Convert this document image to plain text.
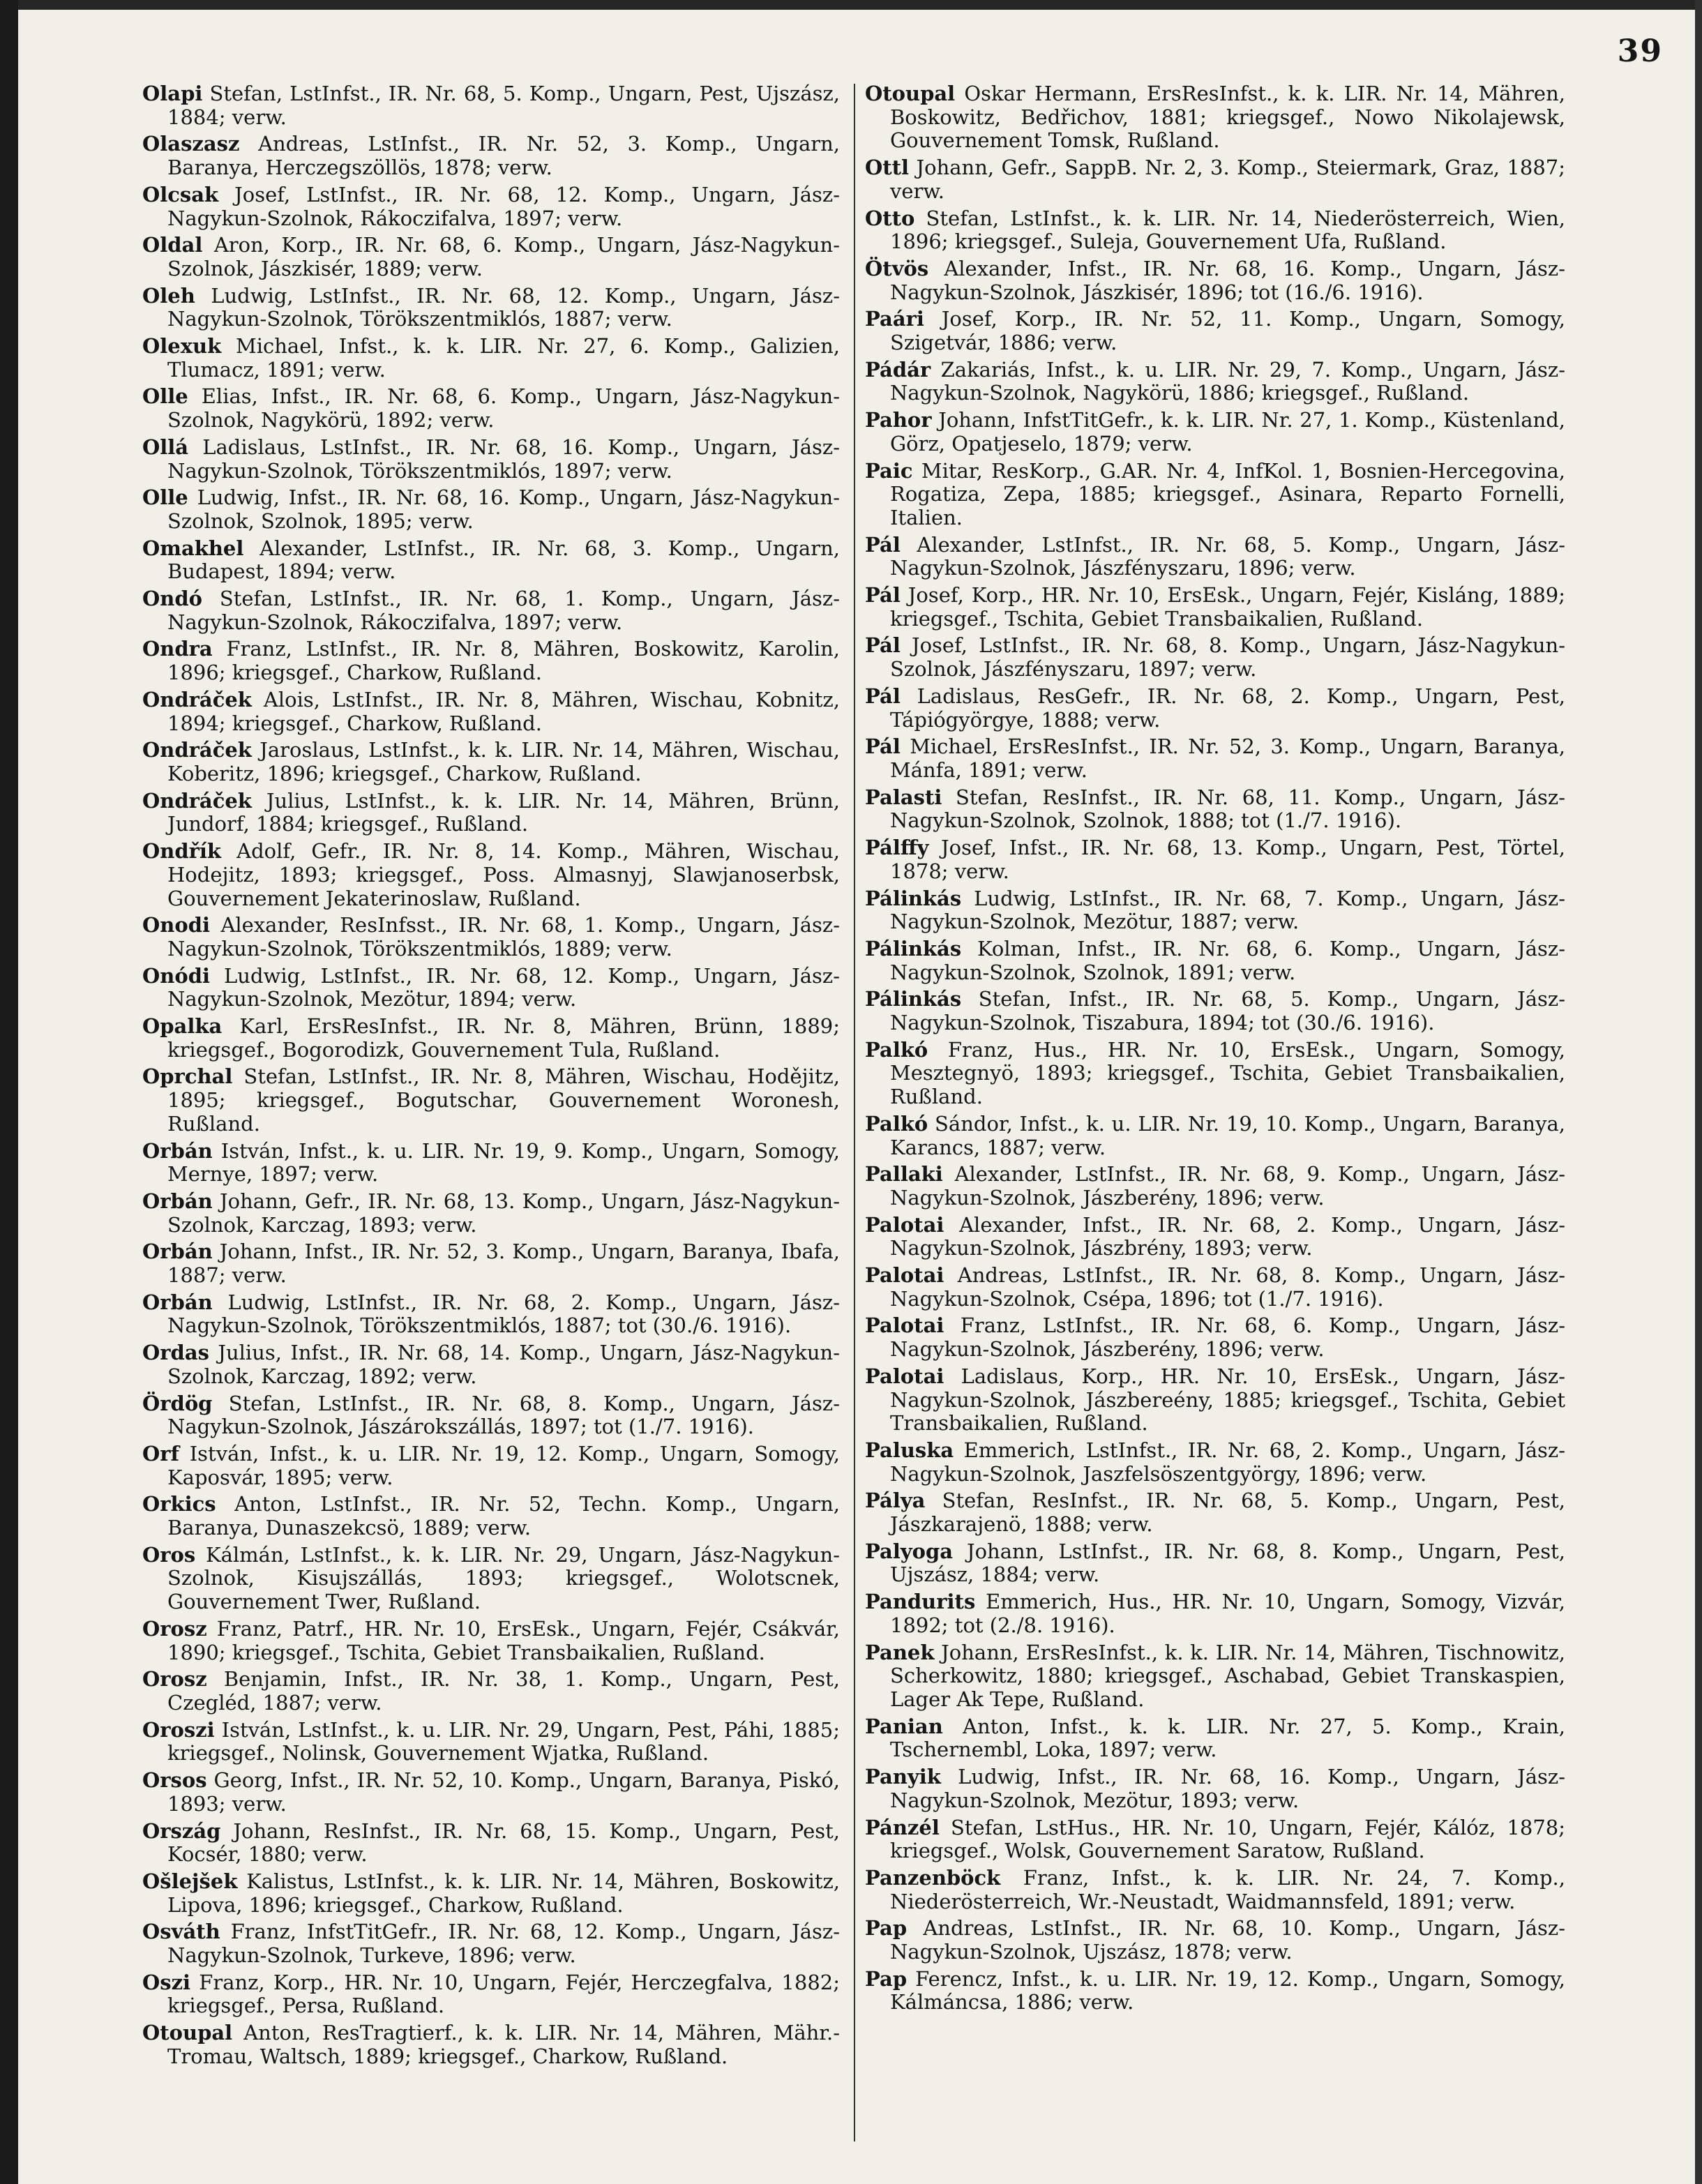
39

Olapi Stefan, LstInfst., IR. Nr. 68, 5. Komp., Ungarn, Pest, Ujszász, 1884; verw.

Olaszasz Andreas, LstInfst., IR. Nr. 52, 3. Komp., Ungarn, Baranya, Herczegszöllös, 1878; verw.

Olcsak Josef, LstInfst., IR. Nr. 68, 12. Komp., Ungarn, Jász-Nagykun-Szolnok, Rákoczifalva, 1897; verw.

Oldal Aron, Korp., IR. Nr. 68, 6. Komp., Ungarn, Jász-Nagykun-Szolnok, Jászkisér, 1889; verw.

Oleh Ludwig, LstInfst., IR. Nr. 68, 12. Komp., Ungarn, Jász-Nagykun-Szolnok, Törökszentmiklós, 1887; verw.

Olexuk Michael, Infst., k. k. LIR. Nr. 27, 6. Komp., Galizien, Tlumacz, 1891; verw.

Olle Elias, Infst., IR. Nr. 68, 6. Komp., Ungarn, Jász-Nagykun-Szolnok, Nagykörü, 1892; verw.

Ollá Ladislaus, LstInfst., IR. Nr. 68, 16. Komp., Ungarn, Jász-Nagykun-Szolnok, Törökszentmiklós, 1897; verw.

Olle Ludwig, Infst., IR. Nr. 68, 16. Komp., Ungarn, Jász-Nagykun-Szolnok, Szolnok, 1895; verw.

Omakhel Alexander, LstInfst., IR. Nr. 68, 3. Komp., Ungarn, Budapest, 1894; verw.

Ondó Stefan, LstInfst., IR. Nr. 68, 1. Komp., Ungarn, Jász-Nagykun-Szolnok, Rákoczifalva, 1897; verw.

Ondra Franz, LstInfst., IR. Nr. 8, Mähren, Boskowitz, Karolin, 1896; kriegsgef., Charkow, Rußland.

Ondráček Alois, LstInfst., IR. Nr. 8, Mähren, Wischau, Kobnitz, 1894; kriegsgef., Charkow, Rußland.

Ondráček Jaroslaus, LstInfst., k. k. LIR. Nr. 14, Mähren, Wischau, Koberitz, 1896; kriegsgef., Charkow, Rußland.

Ondráček Julius, LstInfst., k. k. LIR. Nr. 14, Mähren, Brünn, Jundorf, 1884; kriegsgef., Rußland.

Ondřík Adolf, Gefr., IR. Nr. 8, 14. Komp., Mähren, Wischau, Hodejitz, 1893; kriegsgef., Poss. Almasnyj, Slawjanoserbsk, Gouvernement Jekaterinoslaw, Rußland.

Onodi Alexander, ResInfsst., IR. Nr. 68, 1. Komp., Ungarn, Jász-Nagykun-Szolnok, Törökszentmiklós, 1889; verw.

Onódi Ludwig, LstInfst., IR. Nr. 68, 12. Komp., Ungarn, Jász-Nagykun-Szolnok, Mezötur, 1894; verw.

Opalka Karl, ErsResInfst., IR. Nr. 8, Mähren, Brünn, 1889; kriegsgef., Bogorodizk, Gouvernement Tula, Rußland.

Oprchal Stefan, LstInfst., IR. Nr. 8, Mähren, Wischau, Hodějitz, 1895; kriegsgef., Bogutschar, Gouvernement Woronesh, Rußland.

Orbán István, Infst., k. u. LIR. Nr. 19, 9. Komp., Ungarn, Somogy, Mernye, 1897; verw.

Orbán Johann, Gefr., IR. Nr. 68, 13. Komp., Ungarn, Jász-Nagykun-Szolnok, Karczag, 1893; verw.

Orbán Johann, Infst., IR. Nr. 52, 3. Komp., Ungarn, Baranya, Ibafa, 1887; verw.

Orbán Ludwig, LstInfst., IR. Nr. 68, 2. Komp., Ungarn, Jász-Nagykun-Szolnok, Törökszentmiklós, 1887; tot (30./6. 1916).

Ordas Julius, Infst., IR. Nr. 68, 14. Komp., Ungarn, Jász-Nagykun-Szolnok, Karczag, 1892; verw.

Ördög Stefan, LstInfst., IR. Nr. 68, 8. Komp., Ungarn, Jász-Nagykun-Szolnok, Jászárokszállás, 1897; tot (1./7. 1916).

Orf István, Infst., k. u. LIR. Nr. 19, 12. Komp., Ungarn, Somogy, Kaposvár, 1895; verw.

Orkics Anton, LstInfst., IR. Nr. 52, Techn. Komp., Ungarn, Baranya, Dunaszekcsö, 1889; verw.

Oros Kálmán, LstInfst., k. k. LIR. Nr. 29, Ungarn, Jász-Nagykun-Szolnok, Kisujszállás, 1893; kriegsgef., Wolotscnek, Gouvernement Twer, Rußland.

Orosz Franz, Patrf., HR. Nr. 10, ErsEsk., Ungarn, Fejér, Csákvár, 1890; kriegsgef., Tschita, Gebiet Transbaikalien, Rußland.

Orosz Benjamin, Infst., IR. Nr. 38, 1. Komp., Ungarn, Pest, Czegléd, 1887; verw.

Oroszi István, LstInfst., k. u. LIR. Nr. 29, Ungarn, Pest, Páhi, 1885; kriegsgef., Nolinsk, Gouvernement Wjatka, Rußland.

Orsos Georg, Infst., IR. Nr. 52, 10. Komp., Ungarn, Baranya, Piskó, 1893; verw.

Ország Johann, ResInfst., IR. Nr. 68, 15. Komp., Ungarn, Pest, Kocsér, 1880; verw.

Ošlejšek Kalistus, LstInfst., k. k. LIR. Nr. 14, Mähren, Boskowitz, Lipova, 1896; kriegsgef., Charkow, Rußland.

Osváth Franz, InfstTitGefr., IR. Nr. 68, 12. Komp., Ungarn, Jász-Nagykun-Szolnok, Turkeve, 1896; verw.

Oszi Franz, Korp., HR. Nr. 10, Ungarn, Fejér, Herczegfalva, 1882; kriegsgef., Persa, Rußland.

Otoupal Anton, ResTragtierf., k. k. LIR. Nr. 14, Mähren, Mähr.-Tromau, Waltsch, 1889; kriegsgef., Charkow, Rußland.

Otoupal Oskar Hermann, ErsResInfst., k. k. LIR. Nr. 14, Mähren, Boskowitz, Bedřichov, 1881; kriegsgef., Nowo Nikolajewsk, Gouvernement Tomsk, Rußland.

Ottl Johann, Gefr., SappB. Nr. 2, 3. Komp., Steiermark, Graz, 1887; verw.

Otto Stefan, LstInfst., k. k. LIR. Nr. 14, Niederösterreich, Wien, 1896; kriegsgef., Suleja, Gouvernement Ufa, Rußland.

Ötvös Alexander, Infst., IR. Nr. 68, 16. Komp., Ungarn, Jász-Nagykun-Szolnok, Jászkisér, 1896; tot (16./6. 1916).

Paári Josef, Korp., IR. Nr. 52, 11. Komp., Ungarn, Somogy, Szigetvár, 1886; verw.

Pádár Zakariás, Infst., k. u. LIR. Nr. 29, 7. Komp., Ungarn, Jász-Nagykun-Szolnok, Nagykörü, 1886; kriegsgef., Rußland.

Pahor Johann, InfstTitGefr., k. k. LIR. Nr. 27, 1. Komp., Küstenland, Görz, Opatjeselo, 1879; verw.

Paic Mitar, ResKorp., G.AR. Nr. 4, InfKol. 1, Bosnien-Hercegovina, Rogatiza, Zepa, 1885; kriegsgef., Asinara, Reparto Fornelli, Italien.

Pál Alexander, LstInfst., IR. Nr. 68, 5. Komp., Ungarn, Jász-Nagykun-Szolnok, Jászfényszaru, 1896; verw.

Pál Josef, Korp., HR. Nr. 10, ErsEsk., Ungarn, Fejér, Kisláng, 1889; kriegsgef., Tschita, Gebiet Transbaikalien, Rußland.

Pál Josef, LstInfst., IR. Nr. 68, 8. Komp., Ungarn, Jász-Nagykun-Szolnok, Jászfényszaru, 1897; verw.

Pál Ladislaus, ResGefr., IR. Nr. 68, 2. Komp., Ungarn, Pest, Tápiógyörgye, 1888; verw.

Pál Michael, ErsResInfst., IR. Nr. 52, 3. Komp., Ungarn, Baranya, Mánfa, 1891; verw.

Palasti Stefan, ResInfst., IR. Nr. 68, 11. Komp., Ungarn, Jász-Nagykun-Szolnok, Szolnok, 1888; tot (1./7. 1916).

Pálffy Josef, Infst., IR. Nr. 68, 13. Komp., Ungarn, Pest, Törtel, 1878; verw.

Pálinkás Ludwig, LstInfst., IR. Nr. 68, 7. Komp., Ungarn, Jász-Nagykun-Szolnok, Mezötur, 1887; verw.

Pálinkás Kolman, Infst., IR. Nr. 68, 6. Komp., Ungarn, Jász-Nagykun-Szolnok, Szolnok, 1891; verw.

Pálinkás Stefan, Infst., IR. Nr. 68, 5. Komp., Ungarn, Jász-Nagykun-Szolnok, Tiszabura, 1894; tot (30./6. 1916).

Palkó Franz, Hus., HR. Nr. 10, ErsEsk., Ungarn, Somogy, Mesztegnyö, 1893; kriegsgef., Tschita, Gebiet Transbaikalien, Rußland.

Palkó Sándor, Infst., k. u. LIR. Nr. 19, 10. Komp., Ungarn, Baranya, Karancs, 1887; verw.

Pallaki Alexander, LstInfst., IR. Nr. 68, 9. Komp., Ungarn, Jász-Nagykun-Szolnok, Jászberény, 1896; verw.

Palotai Alexander, Infst., IR. Nr. 68, 2. Komp., Ungarn, Jász-Nagykun-Szolnok, Jászbrény, 1893; verw.

Palotai Andreas, LstInfst., IR. Nr. 68, 8. Komp., Ungarn, Jász-Nagykun-Szolnok, Csépa, 1896; tot (1./7. 1916).

Palotai Franz, LstInfst., IR. Nr. 68, 6. Komp., Ungarn, Jász-Nagykun-Szolnok, Jászberény, 1896; verw.

Palotai Ladislaus, Korp., HR. Nr. 10, ErsEsk., Ungarn, Jász-Nagykun-Szolnok, Jászbereény, 1885; kriegsgef., Tschita, Gebiet Transbaikalien, Rußland.

Paluska Emmerich, LstInfst., IR. Nr. 68, 2. Komp., Ungarn, Jász-Nagykun-Szolnok, Jaszfelsöszentgyörgy, 1896; verw.

Pálya Stefan, ResInfst., IR. Nr. 68, 5. Komp., Ungarn, Pest, Jászkarajenö, 1888; verw.

Palyoga Johann, LstInfst., IR. Nr. 68, 8. Komp., Ungarn, Pest, Ujszász, 1884; verw.

Pandurits Emmerich, Hus., HR. Nr. 10, Ungarn, Somogy, Vizvár, 1892; tot (2./8. 1916).

Panek Johann, ErsResInfst., k. k. LIR. Nr. 14, Mähren, Tischnowitz, Scherkowitz, 1880; kriegsgef., Aschabad, Gebiet Transkaspien, Lager Ak Tepe, Rußland.

Panian Anton, Infst., k. k. LIR. Nr. 27, 5. Komp., Krain, Tschernembl, Loka, 1897; verw.

Panyik Ludwig, Infst., IR. Nr. 68, 16. Komp., Ungarn, Jász-Nagykun-Szolnok, Mezötur, 1893; verw.

Pánzél Stefan, LstHus., HR. Nr. 10, Ungarn, Fejér, Kálóz, 1878; kriegsgef., Wolsk, Gouvernement Saratow, Rußland.

Panzenböck Franz, Infst., k. k. LIR. Nr. 24, 7. Komp., Niederösterreich, Wr.-Neustadt, Waidmannsfeld, 1891; verw.

Pap Andreas, LstInfst., IR. Nr. 68, 10. Komp., Ungarn, Jász-Nagykun-Szolnok, Ujszász, 1878; verw.

Pap Ferencz, Infst., k. u. LIR. Nr. 19, 12. Komp., Ungarn, Somogy, Kálmáncsa, 1886; verw.
